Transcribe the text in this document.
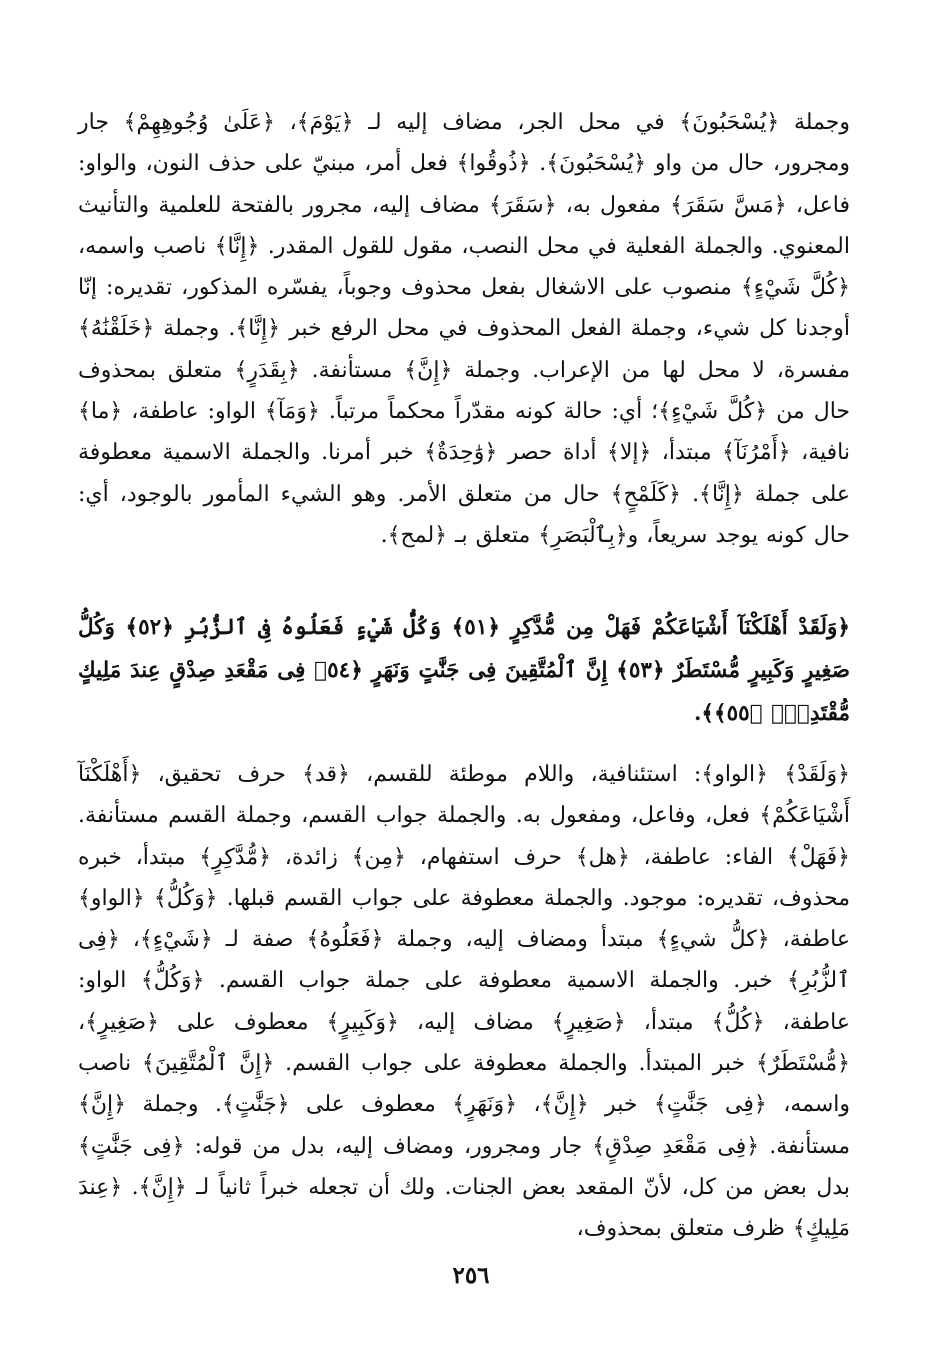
وجملة ﴿يُسْحَبُونَ﴾ في محل الجر، مضاف إليه لـ ﴿يَوْمَ﴾، ﴿عَلَىٰ وُجُوهِهِمْ﴾ جار ومجرور، حال من واو ﴿يُسْحَبُونَ﴾. ﴿ذُوقُوا﴾ فعل أمر، مبنيّ على حذف النون، والواو: فاعل، ﴿مَسَّ سَقَرَ﴾ مفعول به، ﴿سَقَرَ﴾ مضاف إليه، مجرور بالفتحة للعلمية والتأنيث المعنوي. والجملة الفعلية في محل النصب، مقول للقول المقدر. ﴿إِنَّا﴾ ناصب واسمه، ﴿كُلَّ شَيْءٍ﴾ منصوب على الاشغال بفعل محذوف وجوباً، يفسّره المذكور، تقديره: إنّا أوجدنا كل شيء، وجملة الفعل المحذوف في محل الرفع خبر ﴿إِنَّا﴾. وجملة ﴿خَلَقْنَٰهُ﴾ مفسرة، لا محل لها من الإعراب. وجملة ﴿إِنَّ﴾ مستأنفة. ﴿بِقَدَرٍ﴾ متعلق بمحذوف حال من ﴿كُلَّ شَيْءٍ﴾؛ أي: حالة كونه مقدّراً محكماً مرتباً. ﴿وَمَآ﴾ الواو: عاطفة، ﴿ما﴾ نافية، ﴿أَمْرُنَآ﴾ مبتدأ، ﴿إلا﴾ أداة حصر ﴿وَٰحِدَةٌ﴾ خبر أمرنا. والجملة الاسمية معطوفة على جملة ﴿إِنَّا﴾. ﴿كَلَمْحٍ﴾ حال من متعلق الأمر. وهو الشيء المأمور بالوجود، أي: حال كونه يوجد سريعاً، و﴿بِٱلْبَصَرِ﴾ متعلق بـ ﴿لمح﴾.

﴿وَلَقَدْ أَهْلَكْنَآ أَشْيَاعَكُمْ فَهَلْ مِن مُّدَّكِرٍ ﴿٥١﴾ وَكُلُّ شَيْءٍ فَعَلُوهُ فِى ٱلزُّبُرِ ﴿٥٢﴾ وَكُلُّ صَغِيرٍ وَكَبِيرٍ مُّسْتَطَرٌ ﴿٥٣﴾ إِنَّ ٱلْمُتَّقِينَ فِى جَنَّٰتٍ وَنَهَرٍ ﴿٥٤﴾ فِى مَقْعَدِ صِدْقٍ عِندَ مَلِيكٍ مُّقْتَدِرٍۭ ﴿٥٥﴾﴾.

﴿وَلَقَدْ﴾ ﴿الواو﴾: استئنافية، واللام موطئة للقسم، ﴿قد﴾ حرف تحقيق، ﴿أَهْلَكْنَآ أَشْيَاعَكُمْ﴾ فعل، وفاعل، ومفعول به. والجملة جواب القسم، وجملة القسم مستأنفة. ﴿فَهَلْ﴾ الفاء: عاطفة، ﴿هل﴾ حرف استفهام، ﴿مِن﴾ زائدة، ﴿مُّدَّكِرٍ﴾ مبتدأ، خبره محذوف، تقديره: موجود. والجملة معطوفة على جواب القسم قبلها. ﴿وَكُلُّ﴾ ﴿الواو﴾ عاطفة، ﴿كلُّ شيءٍ﴾ مبتدأ ومضاف إليه، وجملة ﴿فَعَلُوهُ﴾ صفة لـ ﴿شَيْءٍ﴾، ﴿فِى ٱلزُّبُرِ﴾ خبر. والجملة الاسمية معطوفة على جملة جواب القسم. ﴿وَكُلُّ﴾ الواو: عاطفة، ﴿كُلُّ﴾ مبتدأ، ﴿صَغِيرٍ﴾ مضاف إليه، ﴿وَكَبِيرٍ﴾ معطوف على ﴿صَغِيرٍ﴾، ﴿مُّسْتَطَرٌ﴾ خبر المبتدأ. والجملة معطوفة على جواب القسم. ﴿إِنَّ ٱلْمُتَّقِينَ﴾ ناصب واسمه، ﴿فِى جَنَّٰتٍ﴾ خبر ﴿إِنَّ﴾، ﴿وَنَهَرٍ﴾ معطوف على ﴿جَنَّٰتٍ﴾. وجملة ﴿إِنَّ﴾ مستأنفة. ﴿فِى مَقْعَدِ صِدْقٍ﴾ جار ومجرور، ومضاف إليه، بدل من قوله: ﴿فِى جَنَّٰتٍ﴾ بدل بعض من كل، لأنّ المقعد بعض الجنات. ولك أن تجعله خبراً ثانياً لـ ﴿إِنَّ﴾. ﴿عِندَ مَلِيكٍ﴾ ظرف متعلق بمحذوف،

٢٥٦
